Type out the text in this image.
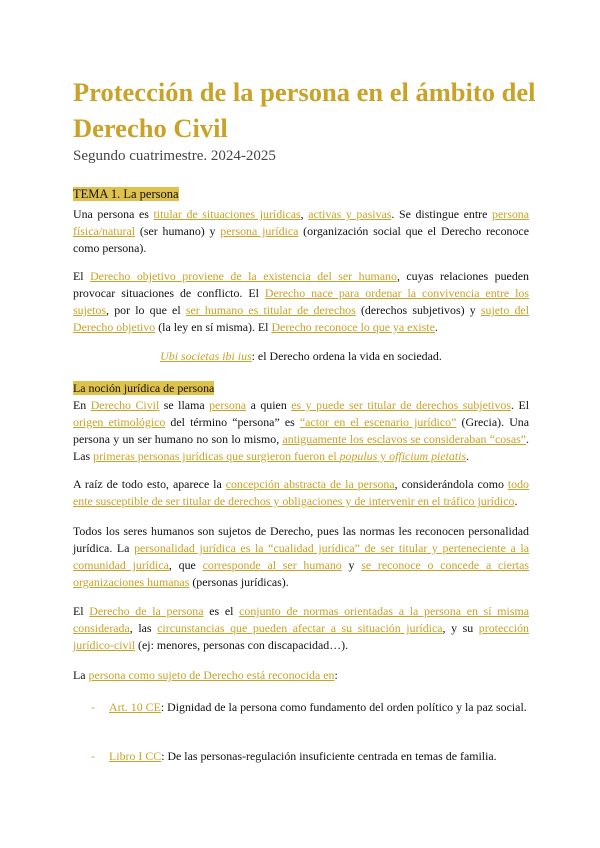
Protección de la persona en el ámbito del Derecho Civil
Segundo cuatrimestre. 2024-2025

TEMA 1. La persona

Una persona es titular de situaciones jurídicas, activas y pasivas. Se distingue entre persona física/natural (ser humano) y persona jurídica (organización social que el Derecho reconoce como persona).

El Derecho objetivo proviene de la existencia del ser humano, cuyas relaciones pueden provocar situaciones de conflicto. El Derecho nace para ordenar la convivencia entre los sujetos, por lo que el ser humano es titular de derechos (derechos subjetivos) y sujeto del Derecho objetivo (la ley en sí misma). El Derecho reconoce lo que ya existe.

Ubi societas ibi ius: el Derecho ordena la vida en sociedad.

La noción jurídica de persona

En Derecho Civil se llama persona a quien es y puede ser titular de derechos subjetivos. El origen etimológico del término “persona” es “actor en el escenario jurídico” (Grecia). Una persona y un ser humano no son lo mismo, antiguamente los esclavos se consideraban “cosas”. Las primeras personas jurídicas que surgieron fueron el populus y officium pietatis.

A raíz de todo esto, aparece la concepción abstracta de la persona, considerándola como todo ente susceptible de ser titular de derechos y obligaciones y de intervenir en el tráfico jurídico.

Todos los seres humanos son sujetos de Derecho, pues las normas les reconocen personalidad jurídica. La personalidad jurídica es la “cualidad jurídica” de ser titular y perteneciente a la comunidad jurídica, que corresponde al ser humano y se reconoce o concede a ciertas organizaciones humanas (personas jurídicas).

El Derecho de la persona es el conjunto de normas orientadas a la persona en sí misma considerada, las circunstancias que pueden afectar a su situación jurídica, y su protección jurídico-civil (ej: menores, personas con discapacidad…).

La persona como sujeto de Derecho está reconocida en:

-	Art. 10 CE: Dignidad de la persona como fundamento del orden político y la paz social.
-	Libro I CC: De las personas-regulación insuficiente centrada en temas de familia.
